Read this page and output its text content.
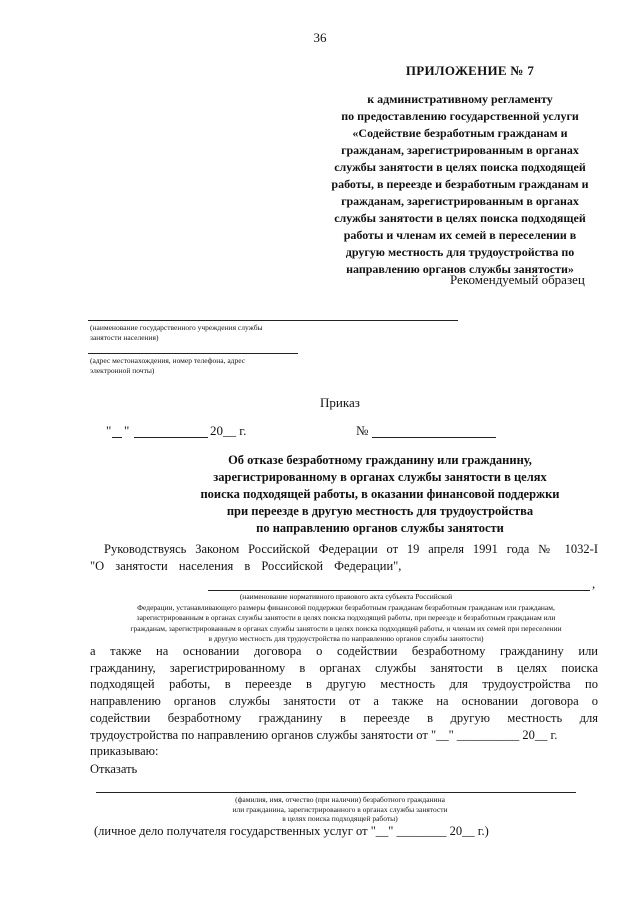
36
ПРИЛОЖЕНИЕ № 7
к административному регламенту
по предоставлению государственной услуги
«Содействие безработным гражданам и
гражданам, зарегистрированным в органах
службы занятости в целях поиска подходящей
работы, в переезде и безработным гражданам и
гражданам, зарегистрированным в органах
службы занятости в целях поиска подходящей
работы и членам их семей в переселении в
другую местность для трудоустройства по
направлению органов службы занятости»
Рекомендуемый образец
(наименование государственного учреждения службы
занятости населения)
(адрес местонахождения, номер телефона, адрес
электронной почты)
Приказ
" "	20__ г.	№
Об отказе безработному гражданину или гражданину,
зарегистрированному в органах службы занятости в целях
поиска подходящей работы, в оказании финансовой поддержки
при переезде в другую местность для трудоустройства
по направлению органов службы занятости
Руководствуясь Законом Российской Федерации от 19 апреля 1991 года № 1032-I
"О занятости населения в Российской Федерации",
,
(наименование нормативного правового акта субъекта Российской
Федерации, устанавливающего размеры финансовой поддержки безработным гражданам безработным гражданам или гражданам,
зарегистрированным в органах службы занятости в целях поиска подходящей работы, при переезде и безработным гражданам или
гражданам, зарегистрированным в органах службы занятости в целях поиска подходящей работы, и членам их семей при переселении
в другую местность для трудоустройства по направлению органов службы занятости)
а также на основании договора о содействии безработному гражданину или
гражданину, зарегистрированному в органах службы занятости в целях поиска
подходящей работы, в переезде в другую местность для трудоустройства по
направлению органов службы занятости от а также на основании договора о
содействии безработному гражданину в переезде в другую местность для
трудоустройства по направлению органов службы занятости от "__" __________ 20__ г.
приказываю:
Отказать
(фамилия, имя, отчество (при наличии) безработного гражданина
или гражданина, зарегистрированного в органах службы занятости
в целях поиска подходящей работы)
(личное дело получателя государственных услуг от "__" ________ 20__ г.)
